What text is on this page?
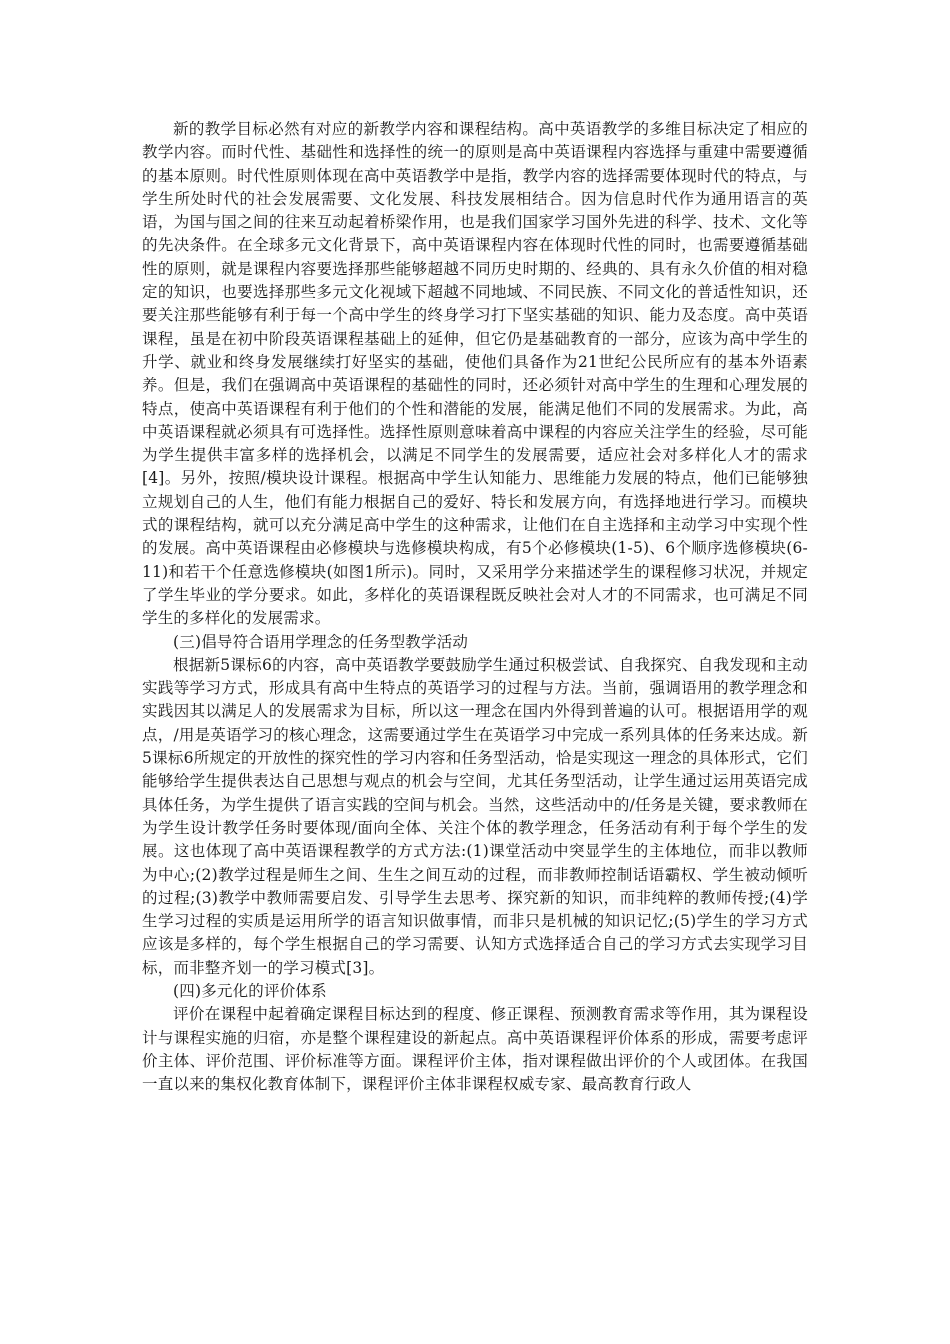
新的教学目标必然有对应的新教学内容和课程结构。高中英语教学的多维目标决定了相应的教学内容。而时代性、基础性和选择性的统一的原则是高中英语课程内容选择与重建中需要遵循的基本原则。时代性原则体现在高中英语教学中是指，教学内容的选择需要体现时代的特点，与学生所处时代的社会发展需要、文化发展、科技发展相结合。因为信息时代作为通用语言的英语，为国与国之间的往来互动起着桥梁作用，也是我们国家学习国外先进的科学、技术、文化等的先决条件。在全球多元文化背景下，高中英语课程内容在体现时代性的同时，也需要遵循基础性的原则，就是课程内容要选择那些能够超越不同历史时期的、经典的、具有永久价值的相对稳定的知识，也要选择那些多元文化视域下超越不同地域、不同民族、不同文化的普适性知识，还要关注那些能够有利于每一个高中学生的终身学习打下坚实基础的知识、能力及态度。高中英语课程，虽是在初中阶段英语课程基础上的延伸，但它仍是基础教育的一部分，应该为高中学生的升学、就业和终身发展继续打好坚实的基础，使他们具备作为21世纪公民所应有的基本外语素养。但是，我们在强调高中英语课程的基础性的同时，还必须针对高中学生的生理和心理发展的特点，使高中英语课程有利于他们的个性和潜能的发展，能满足他们不同的发展需求。为此，高中英语课程就必须具有可选择性。选择性原则意味着高中课程的内容应关注学生的经验，尽可能为学生提供丰富多样的选择机会，以满足不同学生的发展需要，适应社会对多样化人才的需求[4]。另外，按照/模块设计课程。根据高中学生认知能力、思维能力发展的特点，他们已能够独立规划自己的人生，他们有能力根据自己的爱好、特长和发展方向，有选择地进行学习。而模块式的课程结构，就可以充分满足高中学生的这种需求，让他们在自主选择和主动学习中实现个性的发展。高中英语课程由必修模块与选修模块构成，有5个必修模块(1-5)、6个顺序选修模块(6-11)和若干个任意选修模块(如图1所示)。同时，又采用学分来描述学生的课程修习状况，并规定了学生毕业的学分要求。如此，多样化的英语课程既反映社会对人才的不同需求，也可满足不同学生的多样化的发展需求。

(三)倡导符合语用学理念的任务型教学活动

根据新5课标6的内容，高中英语教学要鼓励学生通过积极尝试、自我探究、自我发现和主动实践等学习方式，形成具有高中生特点的英语学习的过程与方法。当前，强调语用的教学理念和实践因其以满足人的发展需求为目标，所以这一理念在国内外得到普遍的认可。根据语用学的观点，/用是英语学习的核心理念，这需要通过学生在英语学习中完成一系列具体的任务来达成。新5课标6所规定的开放性的探究性的学习内容和任务型活动，恰是实现这一理念的具体形式，它们能够给学生提供表达自己思想与观点的机会与空间，尤其任务型活动，让学生通过运用英语完成具体任务，为学生提供了语言实践的空间与机会。当然，这些活动中的/任务是关键，要求教师在为学生设计教学任务时要体现/面向全体、关注个体的教学理念，任务活动有利于每个学生的发展。这也体现了高中英语课程教学的方式方法:(1)课堂活动中突显学生的主体地位，而非以教师为中心;(2)教学过程是师生之间、生生之间互动的过程，而非教师控制话语霸权、学生被动倾听的过程;(3)教学中教师需要启发、引导学生去思考、探究新的知识，而非纯粹的教师传授;(4)学生学习过程的实质是运用所学的语言知识做事情，而非只是机械的知识记忆;(5)学生的学习方式应该是多样的，每个学生根据自己的学习需要、认知方式选择适合自己的学习方式去实现学习目标，而非整齐划一的学习模式[3]。

(四)多元化的评价体系

评价在课程中起着确定课程目标达到的程度、修正课程、预测教育需求等作用，其为课程设计与课程实施的归宿，亦是整个课程建设的新起点。高中英语课程评价体系的形成，需要考虑评价主体、评价范围、评价标准等方面。课程评价主体，指对课程做出评价的个人或团体。在我国一直以来的集权化教育体制下，课程评价主体非课程权威专家、最高教育行政人
